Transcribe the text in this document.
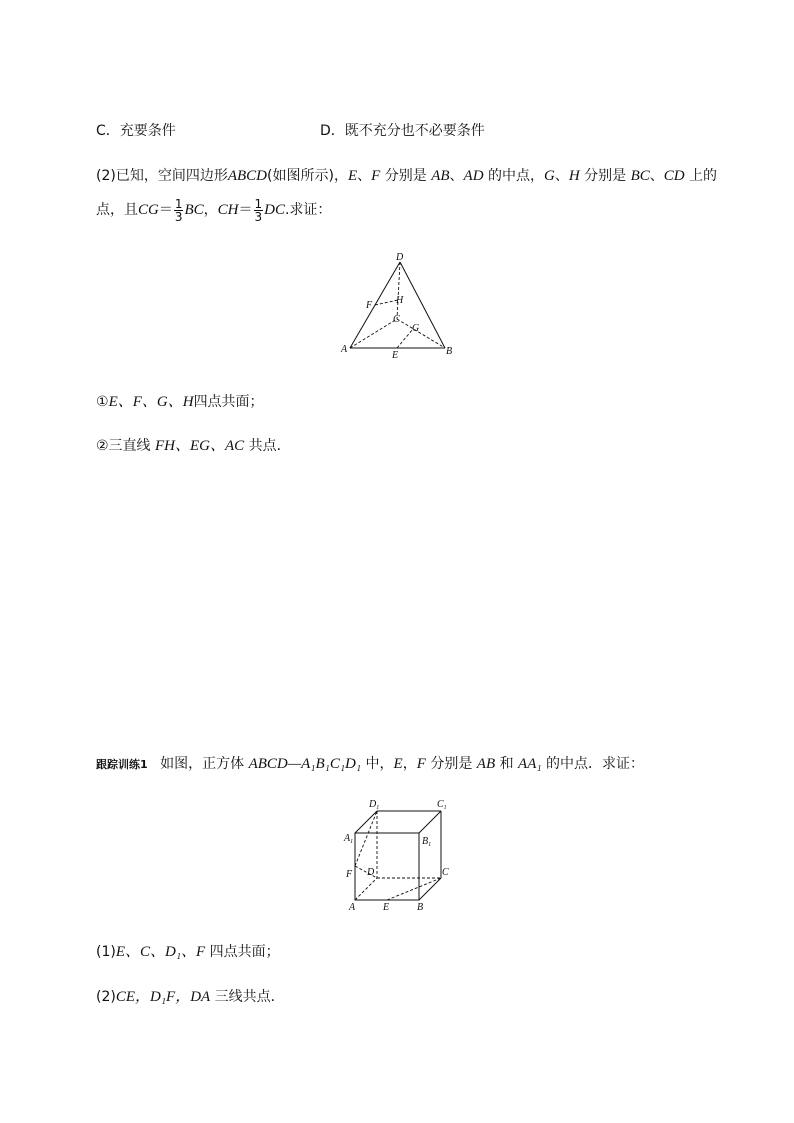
C．充要条件	D．既不充分也不必要条件
(2)已知，空间四边形ABCD(如图所示)，E、F 分别是 AB、AD 的中点，G、H 分别是 BC、CD 上的
点，且$CG= \frac{1}{3}$ BC，$CH= \frac{1}{3}$ DC.求证：
D
F H
C
G
A
E	B
①E、F、G、H四点共面；
②三直线 FH、EG、AC 共点．
跟踪训练1 如图，正方体 ABCD—A₁B₁C₁D₁ 中，E，F 分别是 AB 和 AA₁ 的中点．求证：
$D_1$	$C_1$
$A_1$	$B_1$
F D	C
A	E	B
(1)E、C、D₁、F 四点共面；
(2)CE，D₁F，DA 三线共点．
